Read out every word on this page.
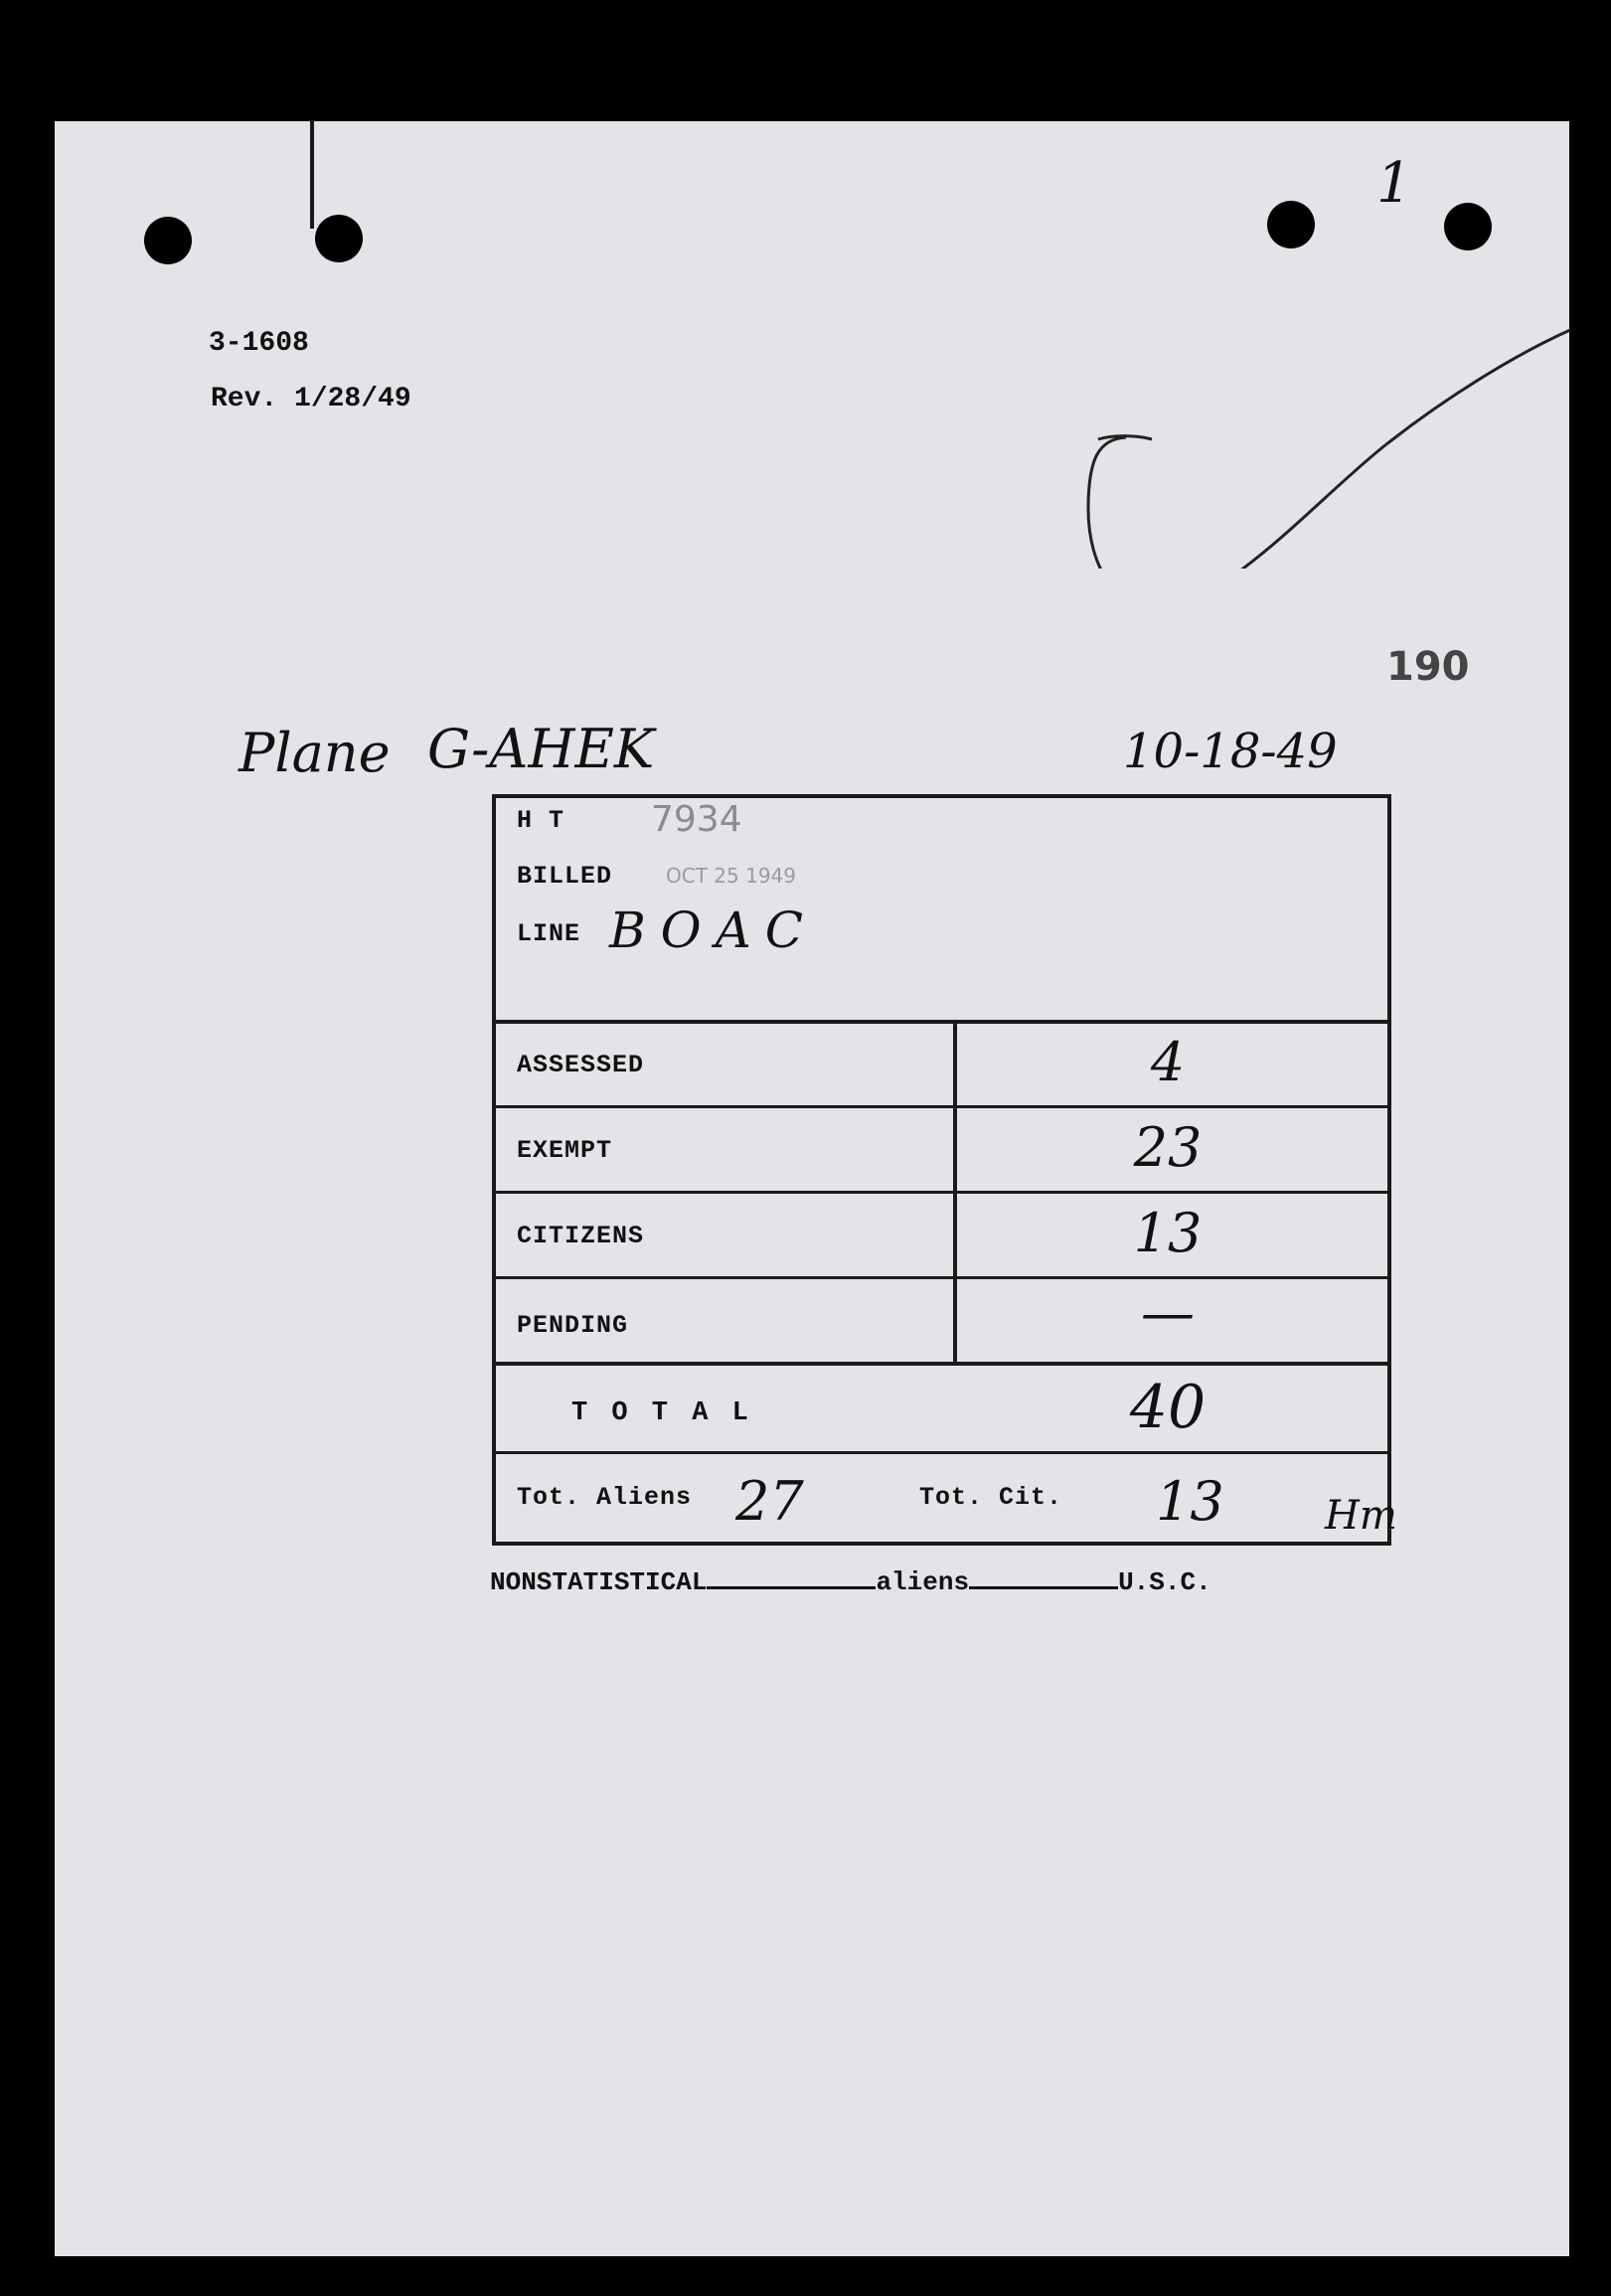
1
3-1608
Rev. 1/28/49
190
Plane G-AHEK	10-18-49
H T 7934
BILLED	OCT 25 1949
LINE BOAC
ASSESSED	4
EXEMPT	23
CITIZENS	13
PENDING	—
T O T A L	40
Tot. Aliens 27	Tot. Cit. 13	Hm
NONSTATISTICAL	aliens	U.S.C.
